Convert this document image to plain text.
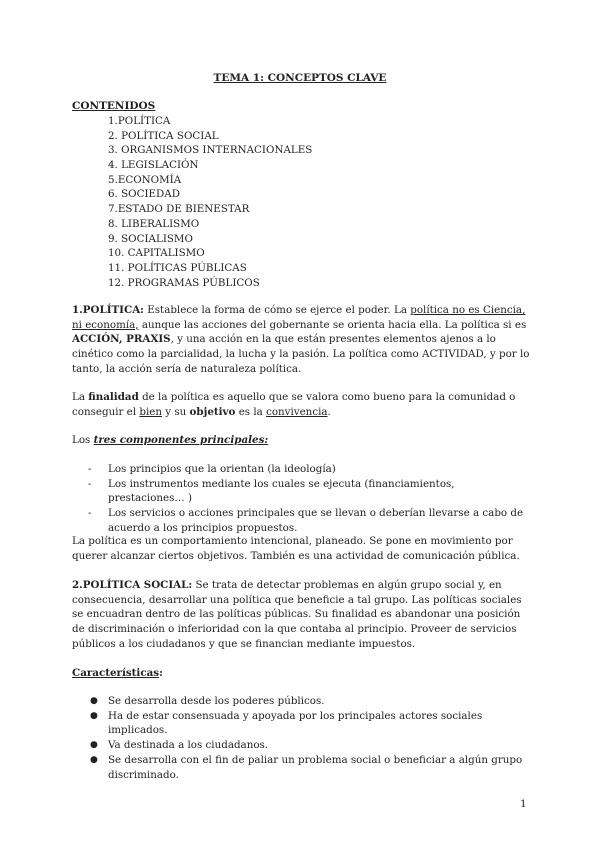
TEMA 1: CONCEPTOS CLAVE
CONTENIDOS
1.POLÍTICA
2. POLÍTICA SOCIAL
3. ORGANISMOS INTERNACIONALES
4. LEGISLACIÓN
5.ECONOMÍA
6. SOCIEDAD
7.ESTADO DE BIENESTAR
8. LIBERALISMO
9. SOCIALISMO
10. CAPITALISMO
11. POLÍTICAS PÚBLICAS
12. PROGRAMAS PÚBLICOS

1.POLÍTICA: Establece la forma de cómo se ejerce el poder. La política no es Ciencia, ni economía, aunque las acciones del gobernante se orienta hacia ella. La política si es ACCIÓN, PRAXIS, y una acción en la que están presentes elementos ajenos a lo cinético como la parcialidad, la lucha y la pasión. La política como ACTIVIDAD, y por lo tanto, la acción sería de naturaleza política.

La finalidad de la política es aquello que se valora como bueno para la comunidad o conseguir el bien y su objetivo es la convivencia.

Los tres componentes principales:

- Los principios que la orientan (la ideología)
- Los instrumentos mediante los cuales se ejecuta (financiamientos, prestaciones… )
- Los servicios o acciones principales que se llevan o deberían llevarse a cabo de acuerdo a los principios propuestos.

La política es un comportamiento intencional, planeado. Se pone en movimiento por querer alcanzar ciertos objetivos. También es una actividad de comunicación pública.

2.POLÍTICA SOCIAL: Se trata de detectar problemas en algún grupo social y, en consecuencia, desarrollar una política que beneficie a tal grupo. Las políticas sociales se encuadran dentro de las políticas públicas. Su finalidad es abandonar una posición de discriminación o inferioridad con la que contaba al principio. Proveer de servicios públicos a los ciudadanos y que se financian mediante impuestos.

Características:

● Se desarrolla desde los poderes públicos.
● Ha de estar consensuada y apoyada por los principales actores sociales implicados.
● Va destinada a los ciudadanos.
● Se desarrolla con el fin de paliar un problema social o beneficiar a algún grupo discriminado.
1
